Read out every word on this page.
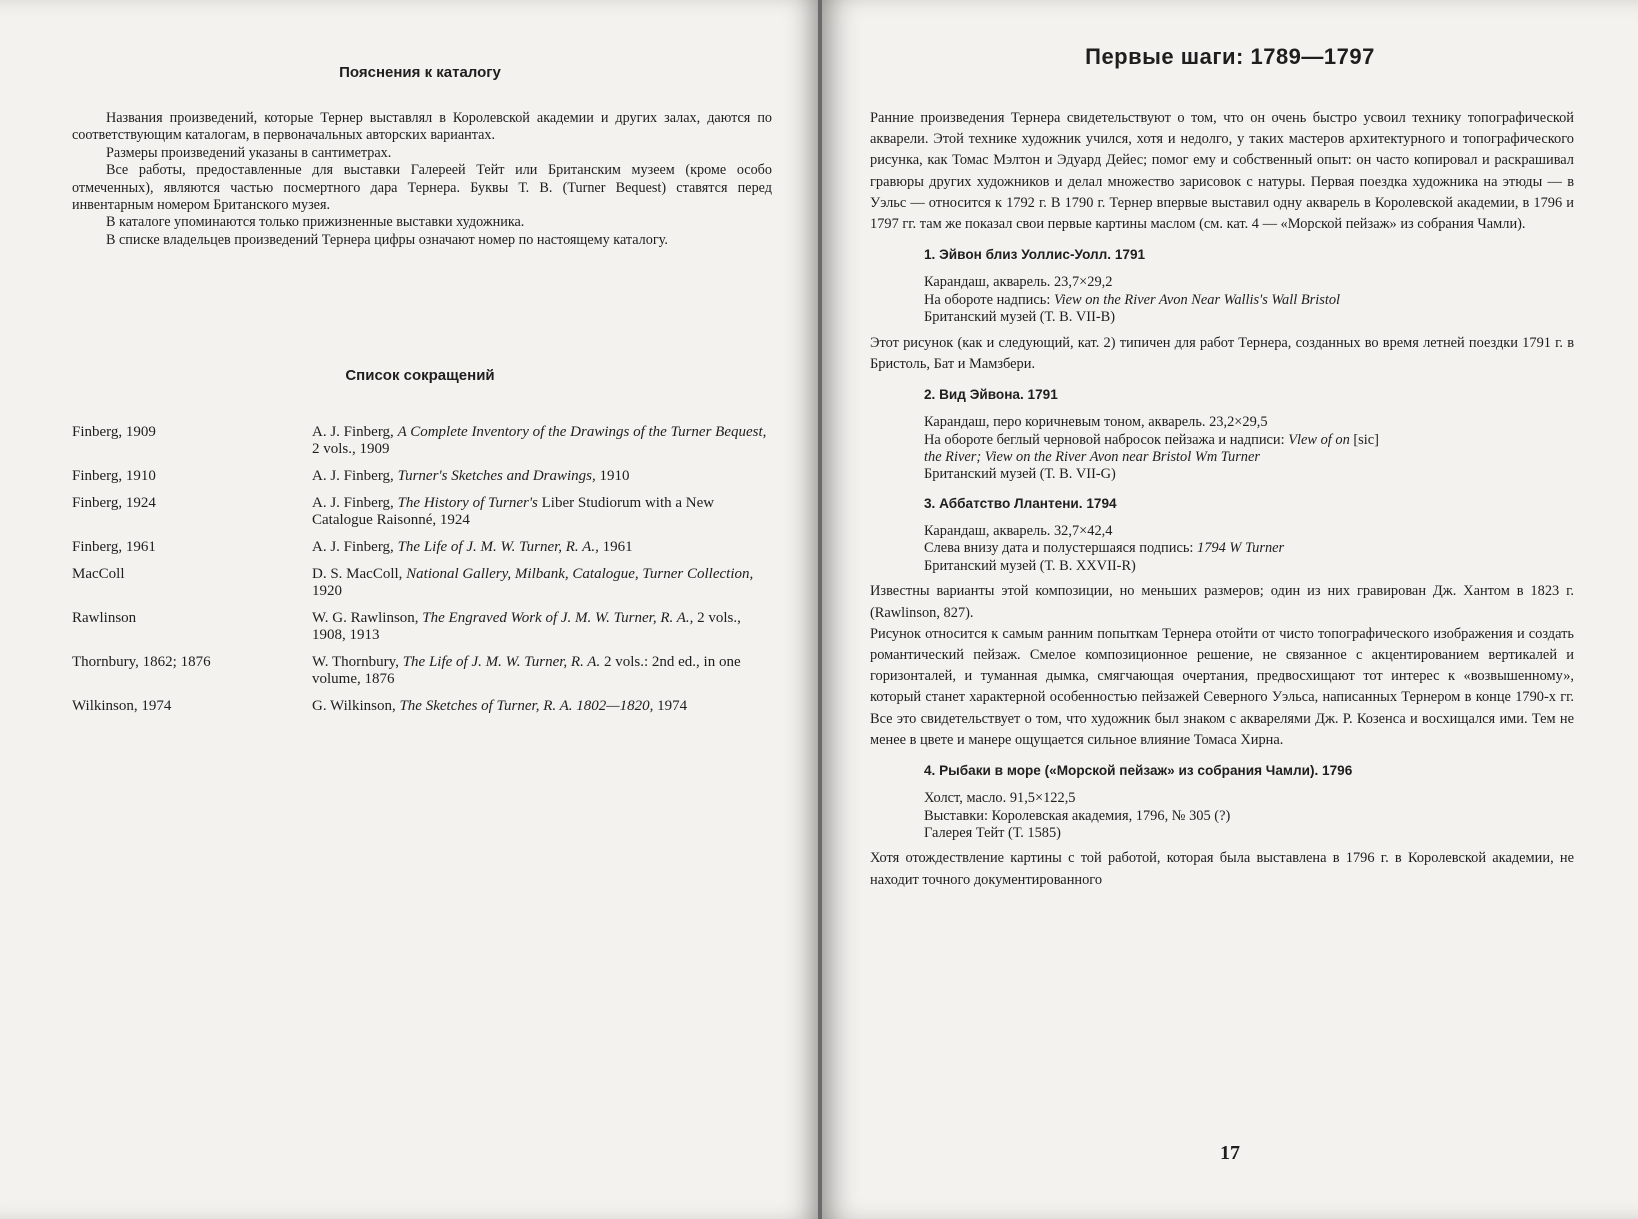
Пояснения к каталогу

Названия произведений, которые Тернер выставлял в Королевской академии и других залах, даются по соответствующим каталогам, в первоначальных авторских вариантах.

Размеры произведений указаны в сантиметрах.

Все работы, предоставленные для выставки Галереей Тейт или Британским музеем (кроме особо отмеченных), являются частью посмертного дара Тернера. Буквы Т. В. (Turner Bequest) ставятся перед инвентарным номером Британского музея.

В каталоге упоминаются только прижизненные выставки художника.

В списке владельцев произведений Тернера цифры означают номер по настоящему каталогу.

Список сокращений
Finberg, 1909	A. J. Finberg, A Complete Inventory of the Drawings of the Turner Bequest, 2 vols., 1909
Finberg, 1910	A. J. Finberg, Turner's Sketches and Drawings, 1910
Finberg, 1924	A. J. Finberg, The History of Turner's Liber Studiorum with a New Catalogue Raisonné, 1924
Finberg, 1961	A. J. Finberg, The Life of J. M. W. Turner, R. A., 1961
MacColl	D. S. MacColl, National Gallery, Milbank, Catalogue, Turner Collection, 1920
Rawlinson	W. G. Rawlinson, The Engraved Work of J. M. W. Turner, R. A., 2 vols., 1908, 1913
Thornbury, 1862; 1876	W. Thornbury, The Life of J. M. W. Turner, R. A. 2 vols.: 2nd ed., in one volume, 1876
Wilkinson, 1974	G. Wilkinson, The Sketches of Turner, R. A. 1802—1820, 1974
Первые шаги: 1789—1797

Ранние произведения Тернера свидетельствуют о том, что он очень быстро усвоил технику топографической акварели. Этой технике художник учился, хотя и недолго, у таких мастеров архитектурного и топографического рисунка, как Томас Мэлтон и Эдуард Дейес; помог ему и собственный опыт: он часто копировал и раскрашивал гравюры других художников и делал множество зарисовок с натуры. Первая поездка художника на этюды — в Уэльс — относится к 1792 г. В 1790 г. Тернер впервые выставил одну акварель в Королевской академии, в 1796 и 1797 гг. там же показал свои первые картины маслом (см. кат. 4 — «Морской пейзаж» из собрания Чамли).

1. Эйвон близ Уоллис-Уолл. 1791
Карандаш, акварель. 23,7×29,2
На обороте надпись: View on the River Avon Near Wallis's Wall Bristol
Британский музей (Т. В. VII-В)

Этот рисунок (как и следующий, кат. 2) типичен для работ Тернера, созданных во время летней поездки 1791 г. в Бристоль, Бат и Мамзбери.

2. Вид Эйвона. 1791
Карандаш, перо коричневым тоном, акварель. 23,2×29,5
На обороте беглый черновой набросок пейзажа и надписи: Vlew of on [sic]
the River; View on the River Avon near Bristol Wm Turner
Британский музей (Т. В. VII-G)
3. Аббатство Ллантени. 1794
Карандаш, акварель. 32,7×42,4
Слева внизу дата и полустершаяся подпись: 1794 W Turner
Британский музей (Т. В. XXVII-R)

Известны варианты этой композиции, но меньших размеров; один из них гравирован Дж. Хантом в 1823 г. (Rawlinson, 827).

Рисунок относится к самым ранним попыткам Тернера отойти от чисто топографического изображения и создать романтический пейзаж. Смелое композиционное решение, не связанное с акцентированием вертикалей и горизонталей, и туманная дымка, смягчающая очертания, предвосхищают тот интерес к «возвышенному», который станет характерной особенностью пейзажей Северного Уэльса, написанных Тернером в конце 1790-х гг. Все это свидетельствует о том, что художник был знаком с акварелями Дж. Р. Козенса и восхищался ими. Тем не менее в цвете и манере ощущается сильное влияние Томаса Хирна.

4. Рыбаки в море («Морской пейзаж» из собрания Чамли). 1796
Холст, масло. 91,5×122,5
Выставки: Королевская академия, 1796, № 305 (?)
Галерея Тейт (Т. 1585)

Хотя отождествление картины с той работой, которая была выставлена в 1796 г. в Королевской академии, не находит точного документированного

17
